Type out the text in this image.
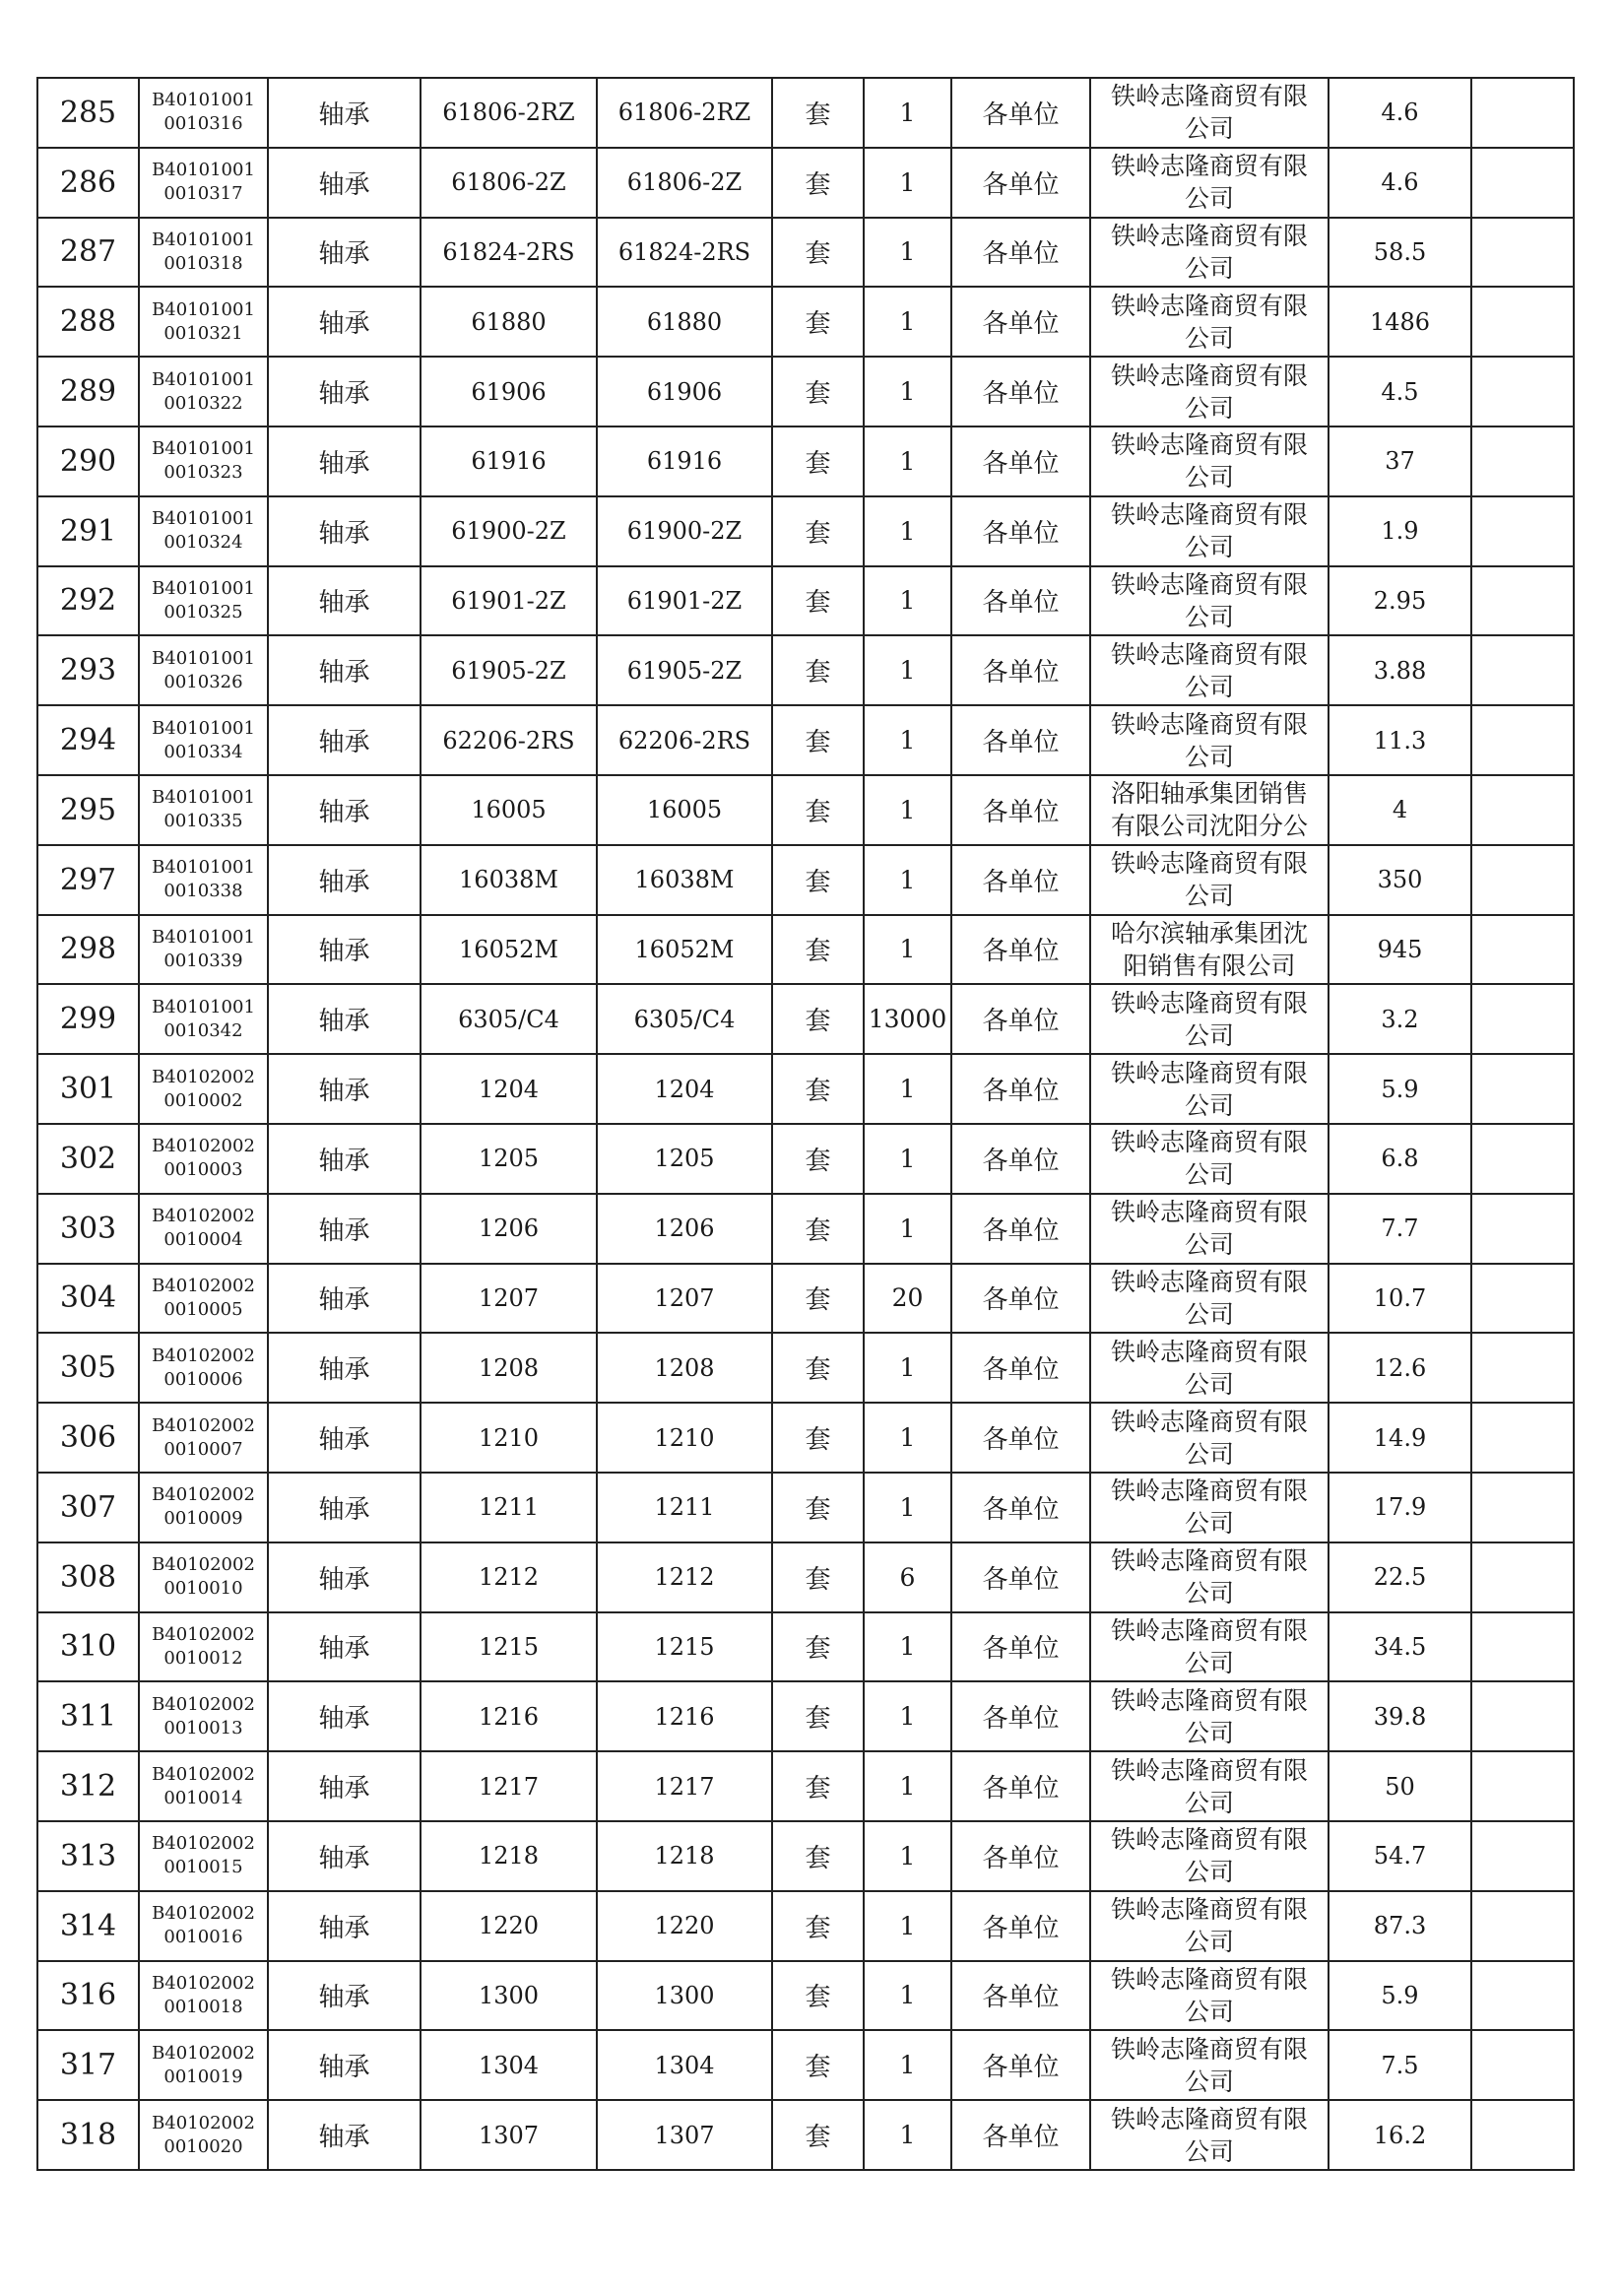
285	B401010010010316	轴承	61806-2RZ	61806-2RZ	套	1	各单位	铁岭志隆商贸有限公司	4.6	
286	B401010010010317	轴承	61806-2Z	61806-2Z	套	1	各单位	铁岭志隆商贸有限公司	4.6	
287	B401010010010318	轴承	61824-2RS	61824-2RS	套	1	各单位	铁岭志隆商贸有限公司	58.5	
288	B401010010010321	轴承	61880	61880	套	1	各单位	铁岭志隆商贸有限公司	1486	
289	B401010010010322	轴承	61906	61906	套	1	各单位	铁岭志隆商贸有限公司	4.5	
290	B401010010010323	轴承	61916	61916	套	1	各单位	铁岭志隆商贸有限公司	37	
291	B401010010010324	轴承	61900-2Z	61900-2Z	套	1	各单位	铁岭志隆商贸有限公司	1.9	
292	B401010010010325	轴承	61901-2Z	61901-2Z	套	1	各单位	铁岭志隆商贸有限公司	2.95	
293	B401010010010326	轴承	61905-2Z	61905-2Z	套	1	各单位	铁岭志隆商贸有限公司	3.88	
294	B401010010010334	轴承	62206-2RS	62206-2RS	套	1	各单位	铁岭志隆商贸有限公司	11.3	
295	B401010010010335	轴承	16005	16005	套	1	各单位	洛阳轴承集团销售有限公司沈阳分公	4	
297	B401010010010338	轴承	16038M	16038M	套	1	各单位	铁岭志隆商贸有限公司	350	
298	B401010010010339	轴承	16052M	16052M	套	1	各单位	哈尔滨轴承集团沈阳销售有限公司	945	
299	B401010010010342	轴承	6305/C4	6305/C4	套	13000	各单位	铁岭志隆商贸有限公司	3.2	
301	B401020020010002	轴承	1204	1204	套	1	各单位	铁岭志隆商贸有限公司	5.9	
302	B401020020010003	轴承	1205	1205	套	1	各单位	铁岭志隆商贸有限公司	6.8	
303	B401020020010004	轴承	1206	1206	套	1	各单位	铁岭志隆商贸有限公司	7.7	
304	B401020020010005	轴承	1207	1207	套	20	各单位	铁岭志隆商贸有限公司	10.7	
305	B401020020010006	轴承	1208	1208	套	1	各单位	铁岭志隆商贸有限公司	12.6	
306	B401020020010007	轴承	1210	1210	套	1	各单位	铁岭志隆商贸有限公司	14.9	
307	B401020020010009	轴承	1211	1211	套	1	各单位	铁岭志隆商贸有限公司	17.9	
308	B401020020010010	轴承	1212	1212	套	6	各单位	铁岭志隆商贸有限公司	22.5	
310	B401020020010012	轴承	1215	1215	套	1	各单位	铁岭志隆商贸有限公司	34.5	
311	B401020020010013	轴承	1216	1216	套	1	各单位	铁岭志隆商贸有限公司	39.8	
312	B401020020010014	轴承	1217	1217	套	1	各单位	铁岭志隆商贸有限公司	50	
313	B401020020010015	轴承	1218	1218	套	1	各单位	铁岭志隆商贸有限公司	54.7	
314	B401020020010016	轴承	1220	1220	套	1	各单位	铁岭志隆商贸有限公司	87.3	
316	B401020020010018	轴承	1300	1300	套	1	各单位	铁岭志隆商贸有限公司	5.9	
317	B401020020010019	轴承	1304	1304	套	1	各单位	铁岭志隆商贸有限公司	7.5	
318	B401020020010020	轴承	1307	1307	套	1	各单位	铁岭志隆商贸有限公司	16.2	
